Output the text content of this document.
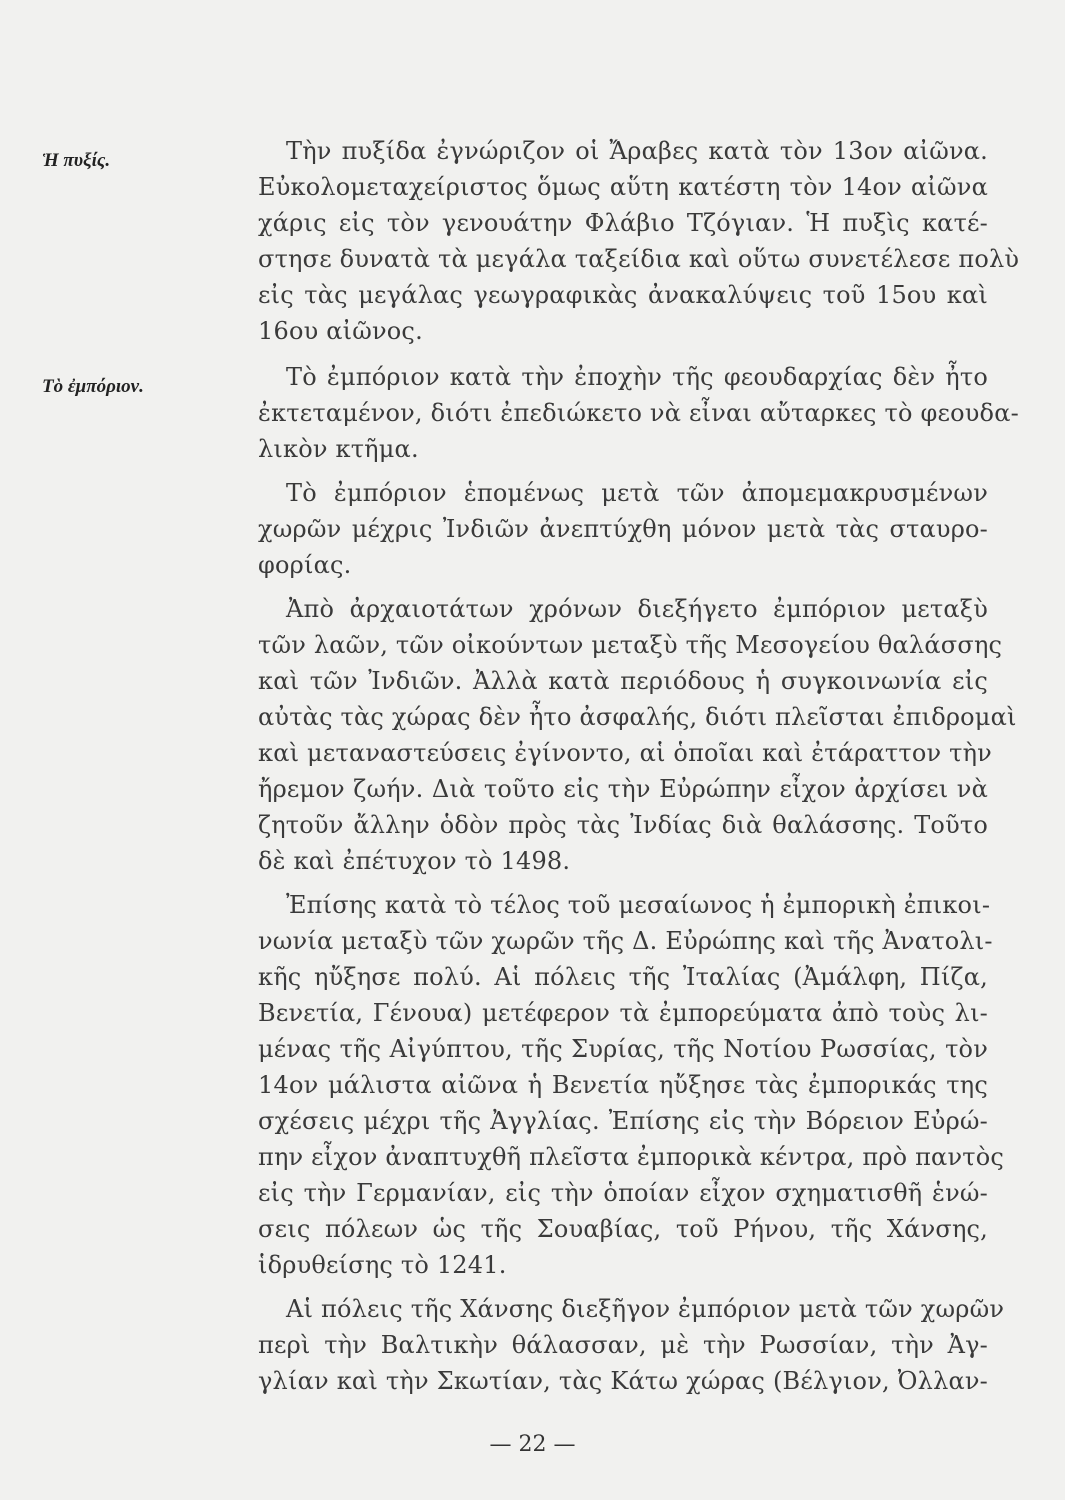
Ἡ πυξίς.
Τὸ ἐμπόριον.
Τὴν πυξίδα ἐγνώριζον οἱ Ἄραβες κατὰ τὸν 13ον αἰῶνα.
Εὐκολομεταχείριστος ὅμως αὕτη κατέστη τὸν 14ον αἰῶνα
χάρις εἰς τὸν γενουάτην Φλάβιο Τζόγιαν. Ἡ πυξὶς κατέ-
στησε δυνατὰ τὰ μεγάλα ταξείδια καὶ οὕτω συνετέλεσε πολὺ
εἰς τὰς μεγάλας γεωγραφικὰς ἀνακαλύψεις τοῦ 15ου καὶ
16ου αἰῶνος.
Τὸ ἐμπόριον κατὰ τὴν ἐποχὴν τῆς φεουδαρχίας δὲν ἦτο
ἐκτεταμένον, διότι ἐπεδιώκετο νὰ εἶναι αὔταρκες τὸ φεουδα-
λικὸν κτῆμα.
Τὸ ἐμπόριον ἑπομένως μετὰ τῶν ἀπομεμακρυσμένων
χωρῶν μέχρις Ἰνδιῶν ἀνεπτύχθη μόνον μετὰ τὰς σταυρο-
φορίας.
Ἀπὸ ἀρχαιοτάτων χρόνων διεξήγετο ἐμπόριον μεταξὺ
τῶν λαῶν, τῶν οἰκούντων μεταξὺ τῆς Μεσογείου θαλάσσης
καὶ τῶν Ἰνδιῶν. Ἀλλὰ κατὰ περιόδους ἡ συγκοινωνία εἰς
αὐτὰς τὰς χώρας δὲν ἦτο ἀσφαλής, διότι πλεῖσται ἐπιδρομαὶ
καὶ μεταναστεύσεις ἐγίνοντο, αἱ ὁποῖαι καὶ ἐτάραττον τὴν
ἤρεμον ζωήν. Διὰ τοῦτο εἰς τὴν Εὐρώπην εἶχον ἀρχίσει νὰ
ζητοῦν ἄλλην ὁδὸν πρὸς τὰς Ἰνδίας διὰ θαλάσσης. Τοῦτο
δὲ καὶ ἐπέτυχον τὸ 1498.
Ἐπίσης κατὰ τὸ τέλος τοῦ μεσαίωνος ἡ ἐμπορικὴ ἐπικοι-
νωνία μεταξὺ τῶν χωρῶν τῆς Δ. Εὐρώπης καὶ τῆς Ἀνατολι-
κῆς ηὔξησε πολύ. Αἱ πόλεις τῆς Ἰταλίας (Ἀμάλφη, Πίζα,
Βενετία, Γένουα) μετέφερον τὰ ἐμπορεύματα ἀπὸ τοὺς λι-
μένας τῆς Αἰγύπτου, τῆς Συρίας, τῆς Νοτίου Ρωσσίας, τὸν
14ον μάλιστα αἰῶνα ἡ Βενετία ηὔξησε τὰς ἐμπορικάς της
σχέσεις μέχρι τῆς Ἀγγλίας. Ἐπίσης εἰς τὴν Βόρειον Εὐρώ-
πην εἶχον ἀναπτυχθῆ πλεῖστα ἐμπορικὰ κέντρα, πρὸ παντὸς
εἰς τὴν Γερμανίαν, εἰς τὴν ὁποίαν εἶχον σχηματισθῆ ἑνώ-
σεις πόλεων ὡς τῆς Σουαβίας, τοῦ Ρήνου, τῆς Χάνσης,
ἱδρυθείσης τὸ 1241.
Αἱ πόλεις τῆς Χάνσης διεξῆγον ἐμπόριον μετὰ τῶν χωρῶν
περὶ τὴν Βαλτικὴν θάλασσαν, μὲ τὴν Ρωσσίαν, τὴν Ἀγ-
γλίαν καὶ τὴν Σκωτίαν, τὰς Κάτω χώρας (Βέλγιον, Ὀλλαν-
— 22 —
